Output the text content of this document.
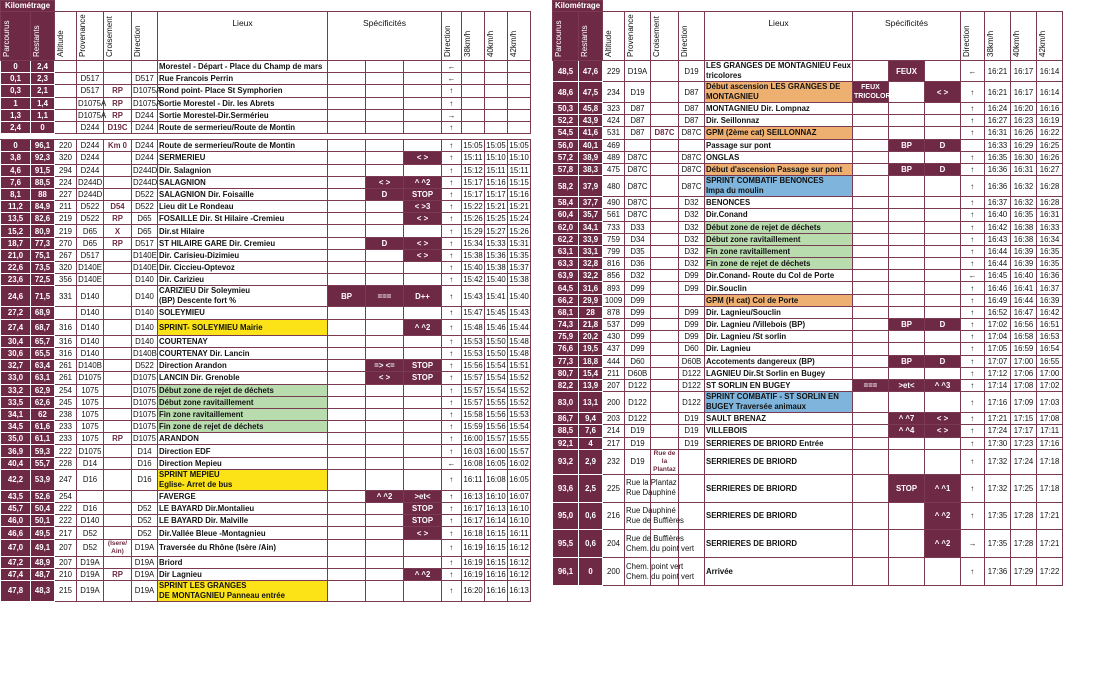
Kilométrage													
Parcourus	Restants	Altitude	Provenance	Croisement	Direction	Lieux	Spécificités			Direction	38km/h	40km/h	42km/h
0	2,4					Morestel - Départ - Place du Champ de mars				←			
0,1	2,3		D517		D517	Rue Francois Perrin				←			
0,3	2,1		D517	RP	D1075A	Rond point- Place St Symphorien				↑			
1	1,4		D1075A	RP	D1075A	Sortie Morestel - Dir. les Abrets				↑			
1,3	1,1		D1075A	RP	D244	Sortie Morestel-Dir.Sermérieu				→			
2,4	0		D244	D19C	D244	Route de sermerieu/Route de Montin				↑			

0	96,1	220	D244	Km 0	D244	Route de sermerieu/Route de Montin				↑	15:05	15:05	15:05
3,8	92,3	320	D244		D244	SERMERIEU			< >	↑	15:11	15:10	15:10
4,6	91,5	294	D244		D244D	Dir. Salagnion				↑	15:12	15:11	15:11
7,6	88,5	224	D244D		D244D	SALAGNION		< >	^ ^2	↑	15:17	15:16	15:15
8,1	88	227	D244D		D522	SALAGNION Dir. Foisaille		D	STOP	↑	15:17	15:17	15:16
11,2	84,9	211	D522	D54	D522	Lieu dit Le Rondeau			< >3	↑	15:22	15:21	15:21
13,5	82,6	219	D522	RP	D65	FOSAILLE Dir. St Hilaire -Cremieu			< >	↑	15:26	15:25	15:24
15,2	80,9	219	D65	X	D65	Dir.st Hilaire				↑	15:29	15:27	15:26
18,7	77,3	270	D65	RP	D517	ST HILAIRE GARE Dir. Cremieu		D	< >	↑	15:34	15:33	15:31
21,0	75,1	267	D517		D140E	Dir. Carisieu-Dizimieu			< >	↑	15:38	15:36	15:35
22,6	73,5	320	D140E		D140E	Dir. Ciccieu-Optevoz				↑	15:40	15:38	15:37
23,6	72,5	356	D140E		D140	Dir. Carizieu				↑	15:42	15:40	15:38
24,6	71,5	331	D140		D140	CARIZIEU Dir Soleymieu
(BP) Descente fort %	BP	===	D++	↑	15:43	15:41	15:40
27,2	68,9		D140		D140	SOLEYMIEU				↑	15:47	15:45	15:43
27,4	68,7	316	D140		D140	SPRINT- SOLEYMIEU Mairie			^ ^2	↑	15:48	15:46	15:44
30,4	65,7	316	D140		D140	COURTENAY				↑	15:53	15:50	15:48
30,6	65,5	316	D140		D140B	COURTENAY Dir. Lancin				↑	15:53	15:50	15:48
32,7	63,4	261	D140B		D522	Direction Arandon		=> <=	STOP	↑	15:56	15:54	15:51
33,0	63,1	261	D1075		D1075	LANCIN Dir. Grenoble		< >	STOP	↑	15:57	15:54	15:52
33,2	62,9	254	1075		D1075	Début zone de rejet de déchets				↑	15:57	15:54	15:52
33,5	62,6	245	1075		D1075	Début zone ravitaillement				↑	15:57	15:55	15:52
34,1	62	238	1075		D1075	Fin zone ravitaillement				↑	15:58	15:56	15:53
34,5	61,6	233	1075		D1075	Fin zone de rejet de déchets				↑	15:59	15:56	15:54
35,0	61,1	233	1075	RP	D1075	ARANDON				↑	16:00	15:57	15:55
36,9	59,3	222	D1075		D14	Direction EDF				↑	16:03	16:00	15:57
40,4	55,7	228	D14		D16	Direction Mepieu				←	16:08	16:05	16:02
42,2	53,9	247	D16		D16	SPRINT MEPIEU
Eglise- Arret de bus				↑	16:11	16:08	16:05
43,5	52,6	254				FAVERGE		^ ^2	>et<	↑	16:13	16:10	16:07
45,7	50,4	222	D16		D52	LE BAYARD Dir.Montalieu			STOP	↑	16:17	16:13	16:10
46,0	50,1	222	D140		D52	LE BAYARD Dir. Malville			STOP	↑	16:17	16:14	16:10
46,6	49,5	217	D52		D52	Dir.Vallée Bleue -Montagnieu			< >	↑	16:18	16:15	16:11
47,0	49,1	207	D52	(Isere/ Ain)	D19A	Traversée du Rhône (Isère /Ain)				↑	16:19	16:15	16:12
47,2	48,9	207	D19A		D19A	Briord				↑	16:19	16:15	16:12
47,4	48,7	210	D19A	RP	D19A	Dir Lagnieu			^ ^2	↑	16:19	16:16	16:12
47,8	48,3	215	D19A		D19A	SPRINT LES GRANGES
DE MONTAGNIEU Panneau entrée				↑	16:20	16:16	16:13
Kilométrage													
Parcourus	Restants	Altitude	Provenance	Croisement	Direction	Lieux	Spécificités			Direction	38km/h	40km/h	42km/h
48,5	47,6	229	D19A		D19	LES GRANGES DE MONTAGNIEU Feux
tricolores		FEUX		←	16:21	16:17	16:14
48,6	47,5	234	D19		D87	Début ascension LES GRANGES DE
MONTAGNIEU	FEUX TRICOLORES		< >	↑	16:21	16:17	16:14
50,3	45,8	323	D87		D87	MONTAGNIEU Dir. Lompnaz				↑	16:24	16:20	16:16
52,2	43,9	424	D87		D87	Dir. Seillonnaz				↑	16:27	16:23	16:19
54,5	41,6	531	D87	D87C	D87C	GPM (2ème cat) SEILLONNAZ				↑	16:31	16:26	16:22
56,0	40,1	469				Passage sur pont		BP	D		16:33	16:29	16:25
57,2	38,9	489	D87C		D87C	ONGLAS				↑	16:35	16:30	16:26
57,8	38,3	475	D87C		D87C	Début d'ascension Passage sur pont		BP	D	↑	16:36	16:31	16:27
58,2	37,9	480	D87C		D87C	SPRINT COMBATIF BENONCES
Impa du moulin				↑	16:36	16:32	16:28
58,4	37,7	490	D87C		D32	BENONCES				↑	16:37	16:32	16:28
60,4	35,7	561	D87C		D32	Dir.Conand				↑	16:40	16:35	16:31
62,0	34,1	733	D33		D32	Début zone de rejet de déchets				↑	16:42	16:38	16:33
62,2	33,9	759	D34		D32	Début zone ravitaillement				↑	16:43	16:38	16:34
63,1	33,1	799	D35		D32	Fin zone ravitaillement				↑	16:44	16:39	16:35
63,3	32,8	816	D36		D32	Fin zone de rejet de déchets				↑	16:44	16:39	16:35
63,9	32,2	856	D32		D99	Dir.Conand- Route du Col de Porte				←	16:45	16:40	16:36
64,5	31,6	893	D99		D99	Dir.Souclin				↑	16:46	16:41	16:37
66,2	29,9	1009	D99			GPM (H cat) Col de Porte				↑	16:49	16:44	16:39
68,1	28	878	D99		D99	Dir. Lagnieu/Souclin				↑	16:52	16:47	16:42
74,3	21,8	537	D99		D99	Dir. Lagnieu /Villebois (BP)		BP	D	↑	17:02	16:56	16:51
75,9	20,2	430	D99		D99	Dir. Lagnieu /St sorlin				↑	17:04	16:58	16:53
76,6	19,5	437	D99		D60	Dir. Lagnieu				↑	17:05	16:59	16:54
77,3	18,8	444	D60		D60B	Accotements dangereux (BP)		BP	D	↑	17:07	17:00	16:55
80,7	15,4	211	D60B		D122	LAGNIEU Dir.St Sorlin en Bugey				↑	17:12	17:06	17:00
82,2	13,9	207	D122		D122	ST SORLIN EN BUGEY	===	>et<	^ ^3	↑	17:14	17:08	17:02
83,0	13,1	200	D122		D122	SPRINT COMBATIF - ST SORLIN EN
BUGEY Traversée animaux				↑	17:16	17:09	17:03
86,7	9,4	203	D122		D19	SAULT BRENAZ		^ ^7	< >	↑	17:21	17:15	17:08
88,5	7,6	214	D19		D19	VILLEBOIS		^ ^4	< >	↑	17:24	17:17	17:11
92,1	4	217	D19		D19	SERRIERES DE BRIORD Entrée				↑	17:30	17:23	17:16
93,2	2,9	232	D19	Rue de la Plantaz		SERRIERES DE BRIORD				↑	17:32	17:24	17:18
93,6	2,5	225	Rue la Plantaz
Rue Dauphiné			SERRIERES DE BRIORD		STOP	^ ^1	↑	17:32	17:25	17:18
95,0	0,6	216	Rue Dauphiné
Rue de Buffières			SERRIERES DE BRIORD			^ ^2	↑	17:35	17:28	17:21
95,5	0,6	204	Rue de Buffières
Chem. du point vert			SERRIERES DE BRIORD			^ ^2	→	17:35	17:28	17:21
96,1	0	200	Chem. point vert
Chem. du point vert			Arrivée				↑	17:36	17:29	17:22
